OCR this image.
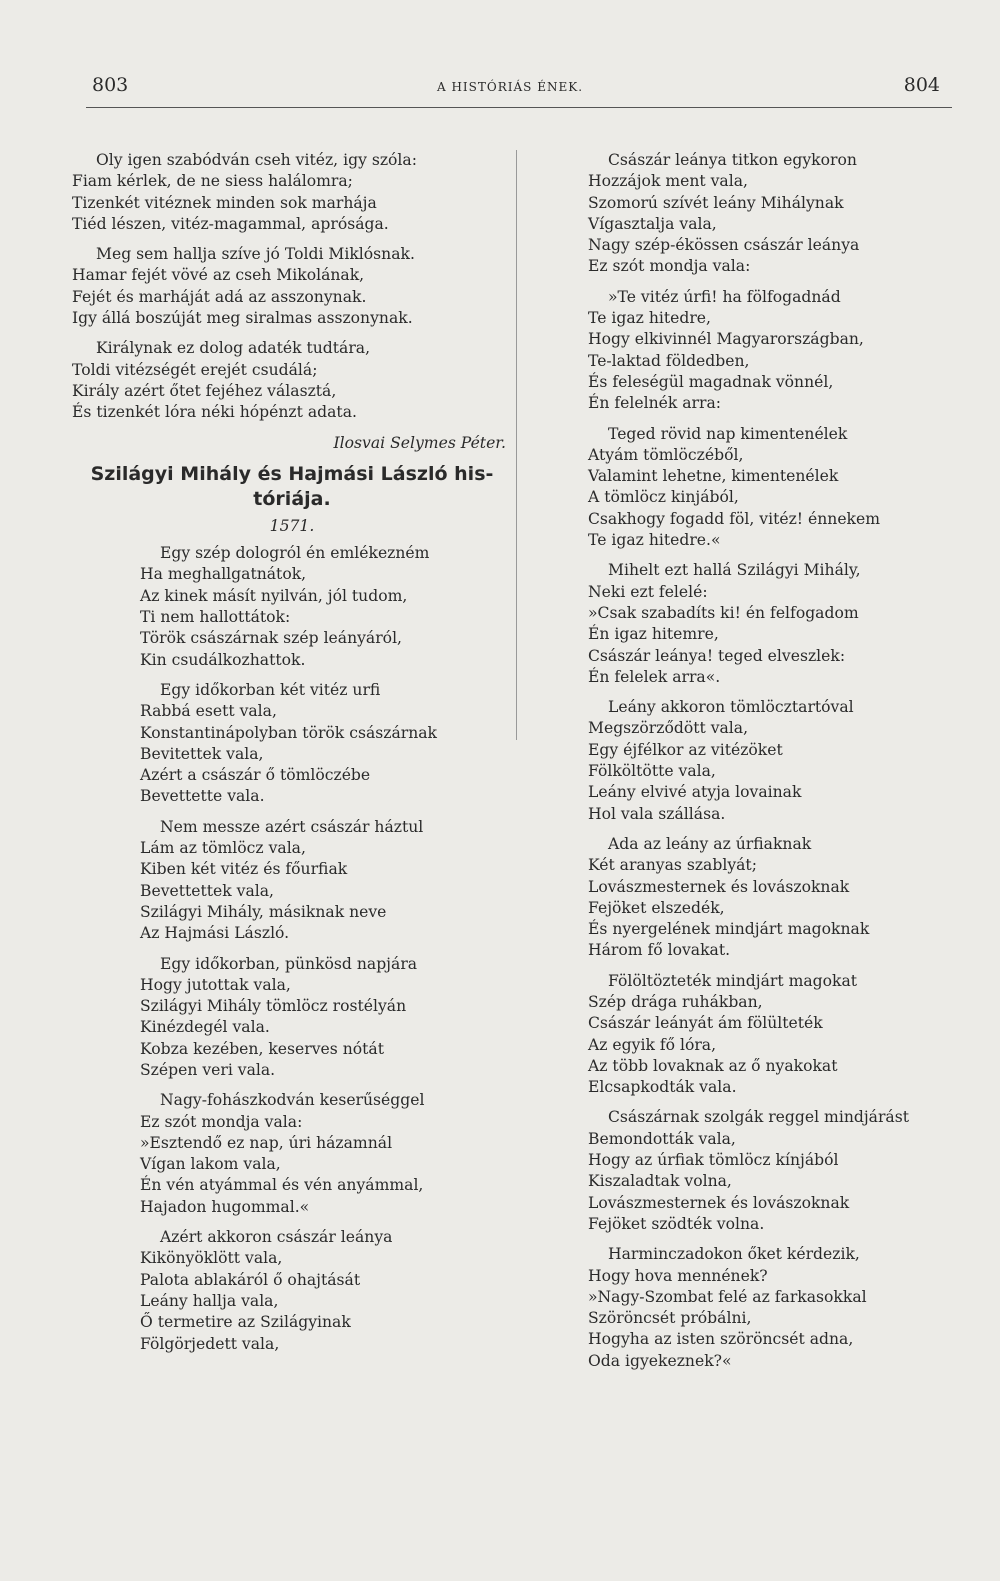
803	A HISTÓRIÁS ÉNEK.	804
Oly igen szabódván cseh vitéz, igy szóla:
Fiam kérlek, de ne siess halálomra;
Tizenkét vitéznek minden sok marhája
Tiéd lészen, vitéz-magammal, aprósága.
Meg sem hallja szíve jó Toldi Miklósnak.
Hamar fejét vövé az cseh Mikolának,
Fejét és marháját adá az asszonynak.
Igy állá boszúját meg siralmas asszonynak.
Királynak ez dolog adaték tudtára,
Toldi vitézségét erejét csudálá;
Király azért őtet fejéhez választá,
És tizenkét lóra néki hópénzt adata.
Ilosvai Selymes Péter.
Szilágyi Mihály és Hajmási László his-
tóriája.
1571.
Egy szép dologról én emlékezném
Ha meghallgatnátok,
Az kinek másít nyilván, jól tudom,
Ti nem hallottátok:
Török császárnak szép leányáról,
Kin csudálkozhattok.
Egy időkorban két vitéz urfi
Rabbá esett vala,
Konstantinápolyban török császárnak
Bevitettek vala,
Azért a császár ő tömlöczébe
Bevettette vala.
Nem messze azért császár háztul
Lám az tömlöcz vala,
Kiben két vitéz és főurfiak
Bevettettek vala,
Szilágyi Mihály, másiknak neve
Az Hajmási László.
Egy időkorban, pünkösd napjára
Hogy jutottak vala,
Szilágyi Mihály tömlöcz rostélyán
Kinézdegél vala.
Kobza kezében, keserves nótát
Szépen veri vala.
Nagy-fohászkodván keserűséggel
Ez szót mondja vala:
»Esztendő ez nap, úri házamnál
Vígan lakom vala,
Én vén atyámmal és vén anyámmal,
Hajadon hugommal.«
Azért akkoron császár leánya
Kikönyöklött vala,
Palota ablakáról ő ohajtását
Leány hallja vala,
Ő termetire az Szilágyinak
Fölgörjedett vala,
Császár leánya titkon egykoron
Hozzájok ment vala,
Szomorú szívét leány Mihálynak
Vígasztalja vala,
Nagy szép-ékössen császár leánya
Ez szót mondja vala:
»Te vitéz úrfi! ha fölfogadnád
Te igaz hitedre,
Hogy elkivinnél Magyarországban,
Te-laktad földedben,
És feleségül magadnak vönnél,
Én felelnék arra:
Teged rövid nap kimentenélek
Atyám tömlöczéből,
Valamint lehetne, kimentenélek
A tömlöcz kinjából,
Csakhogy fogadd föl, vitéz! énnekem
Te igaz hitedre.«
Mihelt ezt hallá Szilágyi Mihály,
Neki ezt felelé:
»Csak szabadíts ki! én felfogadom
Én igaz hitemre,
Császár leánya! teged elveszlek:
Én felelek arra«.
Leány akkoron tömlöcztartóval
Megszörződött vala,
Egy éjfélkor az vitézöket
Fölköltötte vala,
Leány elvivé atyja lovainak
Hol vala szállása.
Ada az leány az úrfiaknak
Két aranyas szablyát;
Lovászmesternek és lovászoknak
Fejöket elszedék,
És nyergelének mindjárt magoknak
Három fő lovakat.
Fölöltözteték mindjárt magokat
Szép drága ruhákban,
Császár leányát ám fölülteték
Az egyik fő lóra,
Az több lovaknak az ő nyakokat
Elcsapkodták vala.
Császárnak szolgák reggel mindjárást
Bemondották vala,
Hogy az úrfiak tömlöcz kínjából
Kiszaladtak volna,
Lovászmesternek és lovászoknak
Fejöket szödték volna.
Harminczadokon őket kérdezik,
Hogy hova mennének?
»Nagy-Szombat felé az farkasokkal
Szöröncsét próbálni,
Hogyha az isten szöröncsét adna,
Oda igyekeznek?«
